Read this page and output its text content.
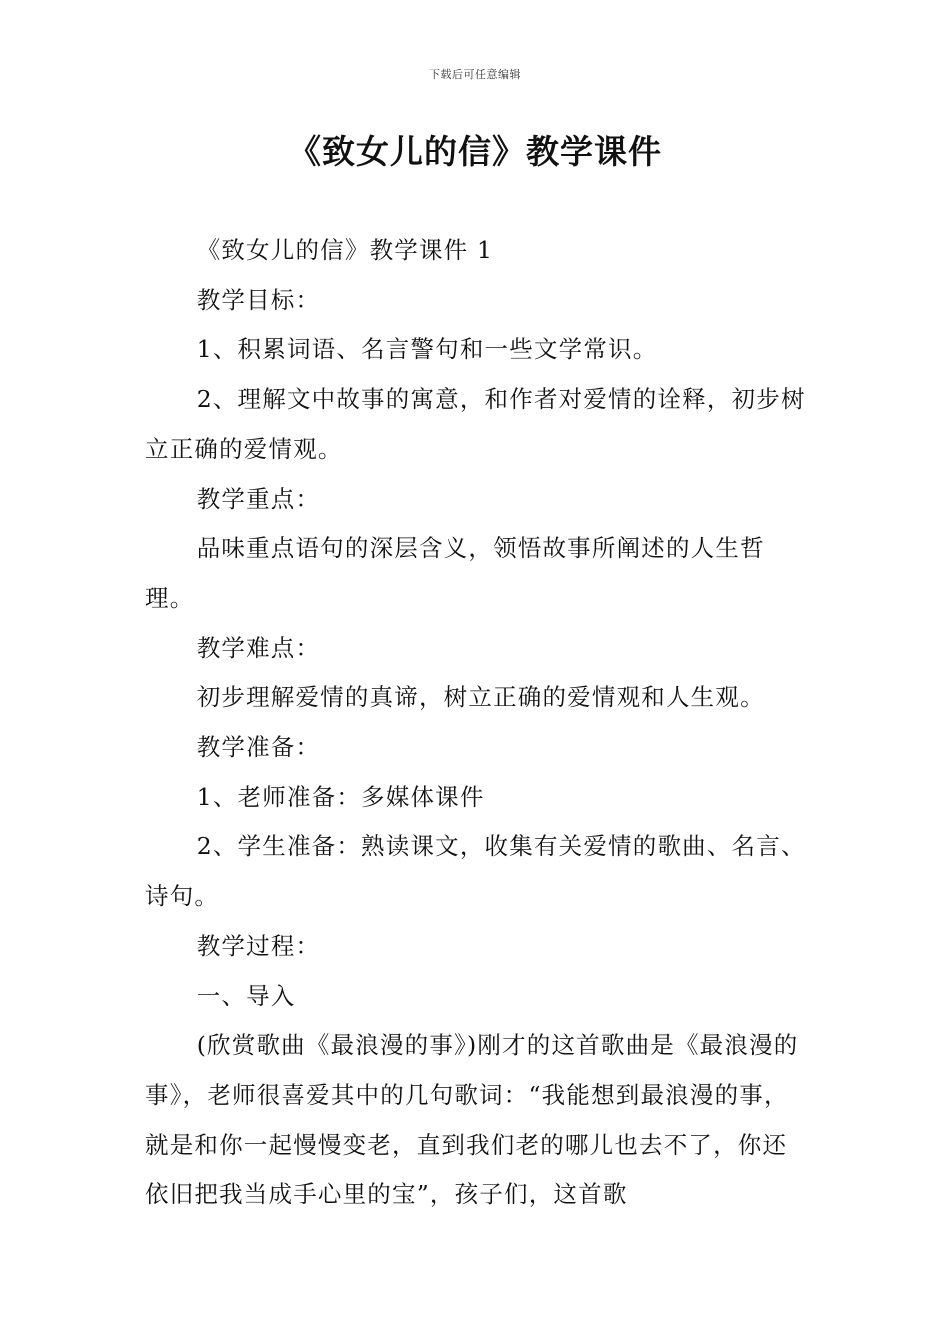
下载后可任意编辑
《致女儿的信》教学课件

《致女儿的信》教学课件 1

教学目标：

1、积累词语、名言警句和一些文学常识。

2、理解文中故事的寓意，和作者对爱情的诠释，初步树立正确的爱情观。

教学重点：

品味重点语句的深层含义，领悟故事所阐述的人生哲理。

教学难点：

初步理解爱情的真谛，树立正确的爱情观和人生观。

教学准备：

1、老师准备：多媒体课件

2、学生准备：熟读课文，收集有关爱情的歌曲、名言、诗句。

教学过程：

一、导入

(欣赏歌曲《最浪漫的事》)刚才的这首歌曲是《最浪漫的事》，老师很喜爱其中的几句歌词：“我能想到最浪漫的事，就是和你一起慢慢变老，直到我们老的哪儿也去不了，你还依旧把我当成手心里的宝”，孩子们，这首歌
